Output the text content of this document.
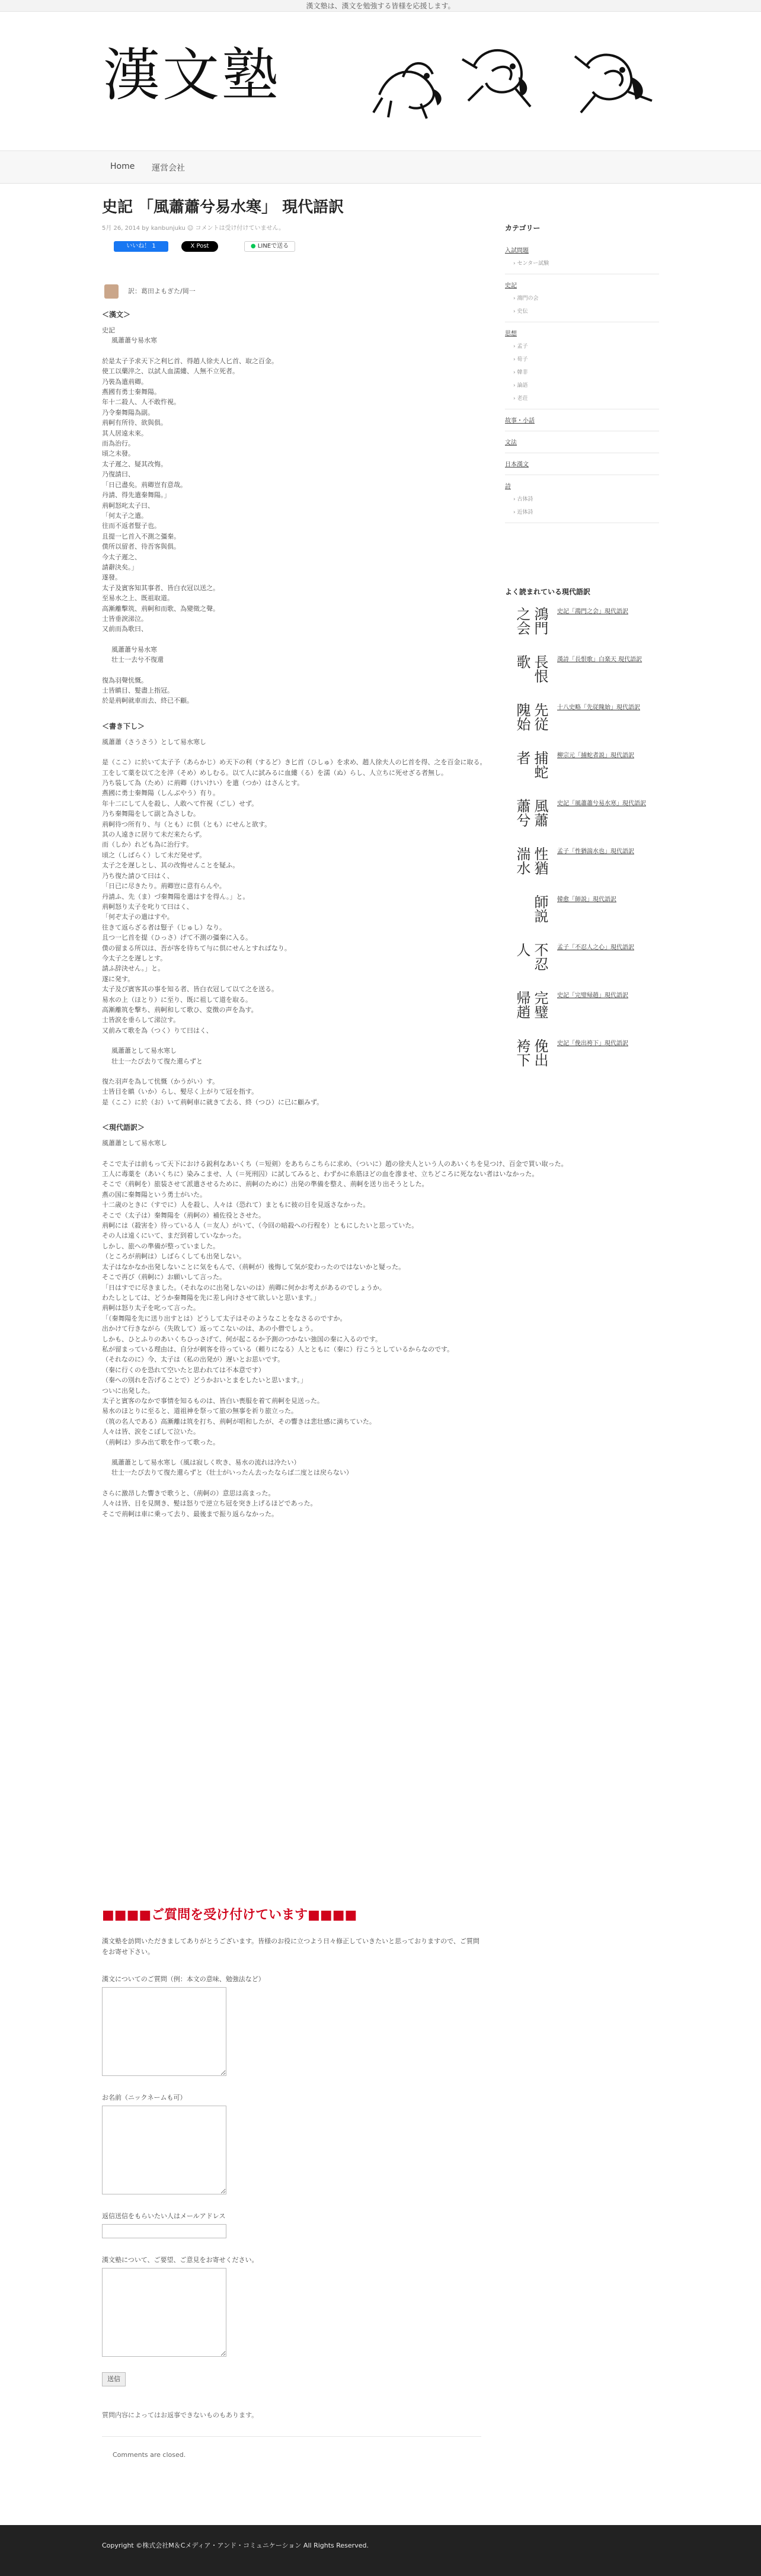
漢文塾は、漢文を勉強する皆様を応援します。
漢文塾
Home 運営会社
史記 「風蕭蕭兮易水寒」 現代語訳
5月 26, 2014 by kanbunjuku ☺ コメントは受け付けていません。
いいね！ 1	X Post	● LINEで送る
訳：葛田よもぎた/岡一
＜漢文＞
史記
風蕭蕭兮易水寒
於是太子予求天下之利匕首、得趙人徐夫人匕首、取之百金。
使工以藥淬之、以試人血濡縷、人無不立死者。
乃裝為遣荊卿。
燕國有勇士秦舞陽。
年十二殺人、人不敢忤視。
乃令秦舞陽為副。
荊軻有所待、欲與俱。
其人居遠未來。
而為治行。
頃之未發。
太子遲之、疑其改悔。
乃復請曰、
「日已盡矣。荊卿豈有意哉。
丹請、得先遣秦舞陽。」
荊軻怒叱太子曰、
「何太子之遣。
往而不返者豎子也。
且提一匕首入不測之彊秦。
僕所以留者、待吾客與俱。
今太子遲之、
請辭決矣。」
遂發。
太子及賓客知其事者、皆白衣冠以送之。
至易水之上、既祖取道。
高漸離擊筑、荊軻和而歌、為變徵之聲。
士皆垂淚涕泣。
又前而為歌曰、
風蕭蕭兮易水寒
壮士一去兮不復還
復為羽聲忼慨。
士皆瞋目、髮盡上指冠。
於是荊軻就車而去、終已不顧。
＜書き下し＞
風蕭蕭（さうさう）として易水寒し
是（ここ）に於いて太子予（あらかじ）め天下の利（するど）き匕首（ひしゅ）を求め、趙人徐夫人の匕首を得、之を百金に取る。
工をして薬を以て之を淬（そめ）めしむる。以て人に試みるに血縷（る）を濡（ぬ）らし、人立ちに死せざる者無し。
乃ち装して為（ため）に荊卿（けいけい）を遣（つか）はさんとす。
燕國に勇士秦舞陽（しんぶやう）有り。
年十二にして人を殺し、人敢へて忤視（ごし）せず。
乃ち秦舞陽をして副と為さしむ。
荊軻待つ所有り、与（とも）に倶（とも）にせんと欲す。
其の人遠きに居りて未だ来たらず。
而（しか）れども為に治行す。
頃之（しばらく）して未だ発せず。
太子之を遅しとし、其の改悔せんことを疑ふ。
乃ち復た請ひて曰はく、
「日已に尽きたり。荊卿豈に意有らんや。
丹請ふ、先（ま）づ秦舞陽を遣はすを得ん。」と。
荊軻怒り太子を叱りて曰はく、
「何ぞ太子の遣はすや。
往きて返らざる者は豎子（じゅし）なり。
且つ一匕首を提（ひっさ）げて不測の彊秦に入る。
僕の留まる所以は、吾が客を待ちて与に倶にせんとすればなり。
今太子之を遅しとす。
請ふ辞決せん。」と。
遂に発す。
太子及び賓客其の事を知る者、皆白衣冠して以て之を送る。
易水の上（ほとり）に至り、既に祖して道を取る。
高漸離筑を撃ち、荊軻和して歌ひ、変徴の声を為す。
士皆涙を垂らして涕泣す。
又前みて歌を為（つく）りて曰はく、
風蕭蕭として易水寒し
壮士一たび去りて復た還らずと
復た羽声を為して忼慨（かうがい）す。
士皆目を瞋（いか）らし、髪尽く上がりて冠を指す。
是（ここ）に於（お）いて荊軻車に就きて去る、終（つひ）に已に顧みず。
＜現代語訳＞
風蕭蕭として易水寒し
そこで太子は前もって天下における鋭利なあいくち（＝短剣）をあちらこちらに求め、（ついに）趙の徐夫人という人のあいくちを見つけ、百金で買い取った。
工人に毒薬を（あいくちに）染みこませ、人（＝死刑囚）に試してみると、わずかに糸筋ほどの血を滲ませ、立ちどころに死なない者はいなかった。
そこで（荊軻を）旅装させて派遣させるために、荊軻のために）出発の準備を整え、荊軻を送り出そうとした。
燕の国に秦舞陽という勇士がいた。
十二歳のときに（すでに）人を殺し、人々は（恐れて）まともに彼の目を見返さなかった。
そこで（太子は）秦舞陽を（荊軻の）補佐役とさせた。
荊軻には（殺害を）待っている人（＝友人）がいて、（今回の暗殺への行程を）ともにしたいと思っていた。
その人は遠くにいて、まだ到着していなかった。
しかし、旅への準備が整っていました。
（ところが荊軻は）しばらくしても出発しない。
太子はなかなか出発しないことに気をもんで、（荊軻が）後悔して気が変わったのではないかと疑った。
そこで再び（荊軻に）お願いして言った。
「日はすでに尽きました。（それなのに出発しないのは）荊卿に何かお考えがあるのでしょうか。
わたしとしては、どうか秦舞陽を先に差し向けさせて欲しいと思います。」
荊軻は怒り太子を叱って言った。
「（秦舞陽を先に送り出すとは）どうして太子はそのようなことをなさるのですか。
出かけて行きながら（失敗して）返ってこないのは、あの小僧でしょう。
しかも、ひとふりのあいくちひっさげて、何が起こるか予測のつかない強国の秦に入るのです。
私が留まっている理由は、自分が刺客を待っている（頼りになる）人とともに（秦に）行こうとしているからなのです。
（それなのに）今、太子は（私の出発が）遅いとお思いです。
（秦に行くのを恐れて空いたと思われては不本意です）
（秦への別れを告げることで）どうかおいとまをしたいと思います。」
ついに出発した。
太子と賓客のなかで事情を知るものは、皆白い喪服を着て荊軻を見送った。
易水のほとりに至ると、道祖神を祭って旅の無事を祈り旅立った。
（筑の名人である）高漸離は筑を打ち、荊軻が唱和したが、その響きは悲壮感に満ちていた。
人々は皆、涙をこぼして泣いた。
（荊軻は）歩み出て歌を作って歌った。
風蕭蕭として易水寒し（風は寂しく吹き、易水の流れは冷たい）
壮士一たび去りて復た還らずと（壮士がいったん去ったならば二度とは戻らない）
さらに激昂した響きで歌うと、（荊軻の）意思は高まった。
人々は皆、目を見開き、髪は怒りで逆立ち冠を突き上げるほどであった。
そこで荊軻は車に乗って去り、最後まで振り返らなかった。
■■■■ご質問を受け付けています■■■■
漢文塾を訪問いただきましてありがとうございます。皆様のお役に立つよう日々修正していきたいと思っておりますので、ご質問をお寄せ下さい。
漢文についてのご質問（例：本文の意味、勉強法など）
お名前（ニックネームも可）
返信送信をもらいたい人はメールアドレス
漢文塾について、ご要望、ご意見をお寄せください。
送信
質問内容によってはお返事できないものもあります。
Comments are closed.
カテゴリー
入試問題
› センター試験
史記
› 鴻門の会
› 史伝
思想
› 孟子
› 荀子
› 韓非
› 論語
› 老荘
故事・小話
文法
日本漢文
詩
› 古体詩
› 近体詩
よく読まれている現代語訳
鴻門之会	史記「鴻門之会」現代語訳
長恨歌	漢詩「長恨歌」白楽天 現代語訳
先従隗始	十八史略「先従隗始」現代語訳
捕蛇者	柳宗元「捕蛇者説」現代語訳
風蕭蕭兮	史記「風蕭蕭兮易水寒」現代語訳
性猶湍水	孟子「性猶湍水也」現代語訳
師説 韓愈「師説」現代語訳
不忍人	孟子「不忍人之心」現代語訳
完璧帰趙	史記「完璧帰趙」現代語訳
俛出袴下	史記「俛出袴下」現代語訳
Copyright ©株式会社M＆Cメディア・アンド・コミュニケーション All Rights Reserved.
